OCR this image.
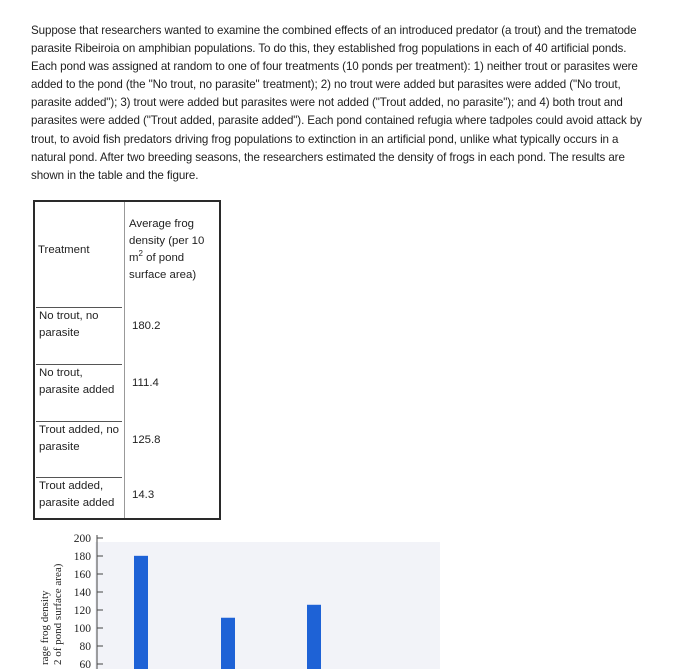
Suppose that researchers wanted to examine the combined effects of an introduced predator (a trout) and the trematode
parasite Ribeiroia on amphibian populations. To do this, they established frog populations in each of 40 artificial ponds.
Each pond was assigned at random to one of four treatments (10 ponds per treatment): 1) neither trout or parasites were
added to the pond (the "No trout, no parasite" treatment); 2) no trout were added but parasites were added ("No trout,
parasite added"); 3) trout were added but parasites were not added ("Trout added, no parasite"); and 4) both trout and
parasites were added ("Trout added, parasite added"). Each pond contained refugia where tadpoles could avoid attack by
trout, to avoid fish predators driving frog populations to extinction in an artificial pond, unlike what typically occurs in a
natural pond. After two breeding seasons, the researchers estimated the density of frogs in each pond. The results are
shown in the table and the figure.
Treatment
Average frog
density (per 10
$m^2$ of pond
surface area)
No trout, no
parasite
180.2
No trout,
parasite added
111.4
Trout added, no
parasite
125.8
Trout added,
parasite added
14.3
200
180
160
140
120
100
80
60
rage frog density 2 of pond surface area)
